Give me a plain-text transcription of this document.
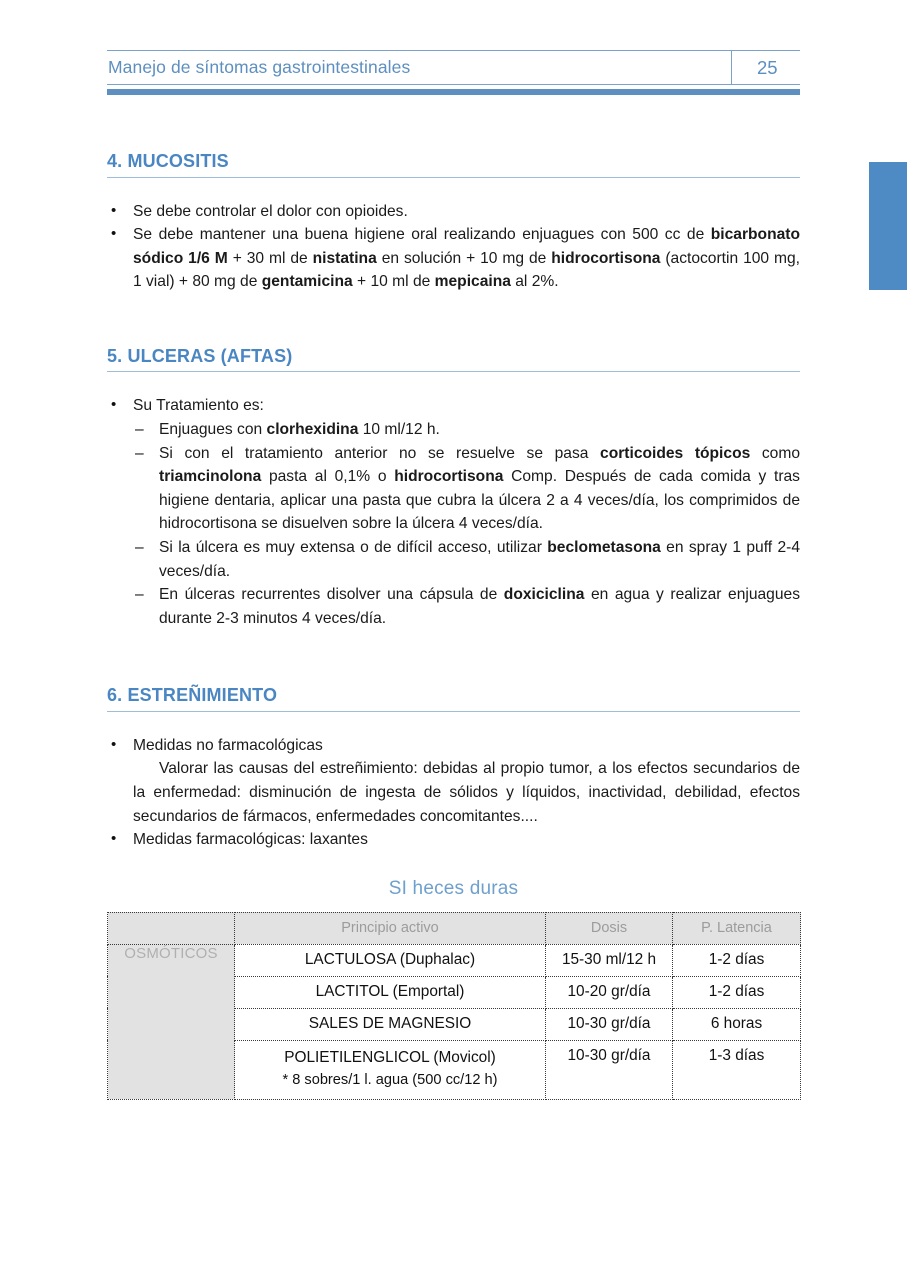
Manejo de síntomas gastrointestinales	25
4. MUCOSITIS
• Se debe controlar el dolor con opioides.
• Se debe mantener una buena higiene oral realizando enjuagues con 500 cc de bicarbonato sódico 1/6 M + 30 ml de nistatina en solución + 10 mg de hidrocortisona (actocortin 100 mg, 1 vial) + 80 mg de gentamicina + 10 ml de mepicaina al 2%.
5. ULCERAS (AFTAS)
• Su Tratamiento es:
– Enjuagues con clorhexidina 10 ml/12 h.
– Si con el tratamiento anterior no se resuelve se pasa corticoides tópicos como triamcinolona pasta al 0,1% o hidrocortisona Comp. Después de cada comida y tras higiene dentaria, aplicar una pasta que cubra la úlcera 2 a 4 veces/día, los comprimidos de hidrocortisona se disuelven sobre la úlcera 4 veces/día.
– Si la úlcera es muy extensa o de difícil acceso, utilizar beclometasona en spray 1 puff 2-4 veces/día.
– En úlceras recurrentes disolver una cápsula de doxiciclina en agua y realizar enjuagues durante 2-3 minutos 4 veces/día.
6. ESTREÑIMIENTO
• Medidas no farmacológicas

Valorar las causas del estreñimiento: debidas al propio tumor, a los efectos secundarios de la enfermedad: disminución de ingesta de sólidos y líquidos, inactividad, debilidad, efectos secundarios de fármacos, enfermedades concomitantes....

• Medidas farmacológicas: laxantes
SI heces duras
	Principio activo	Dosis	P. Latencia
OSMÓTICOS	LACTULOSA (Duphalac)	15-30 ml/12 h	1-2 días
	LACTITOL (Emportal)	10-20 gr/día	1-2 días
	SALES DE MAGNESIO	10-30 gr/día	6 horas
	POLIETILENGLICOL (Movicol)
* 8 sobres/1 l. agua (500 cc/12 h)	10-30 gr/día	1-3 días
